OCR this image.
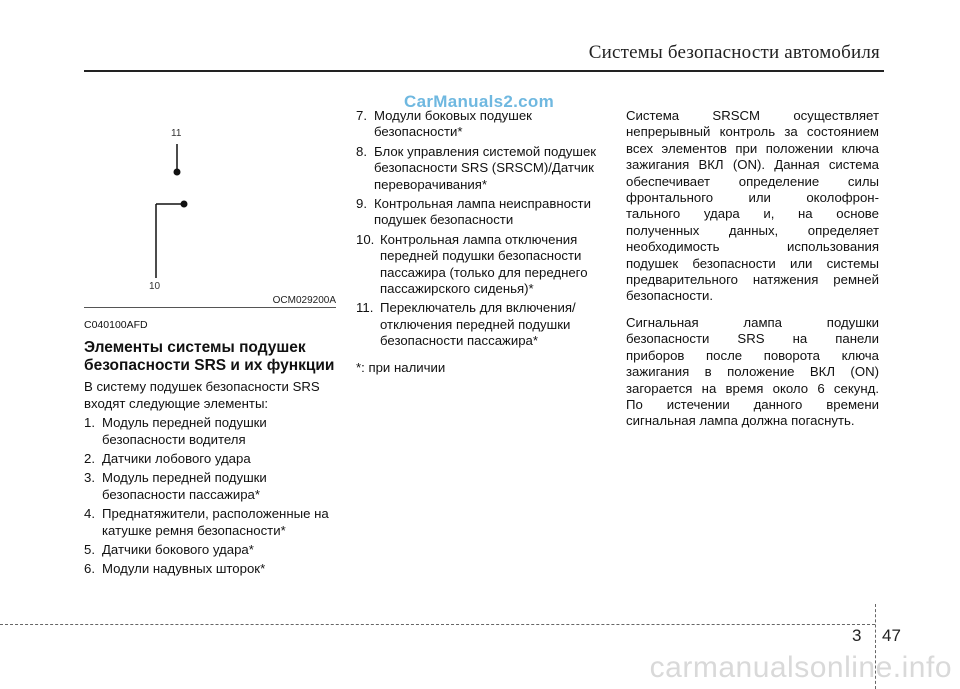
Системы безопасности автомобиля
CarManuals2.com
11
10
OCM029200A
C040100AFD
Элементы системы подушек безопасности SRS и их функции
В систему подушек безопасности SRS входят следующие элементы:
1. Модуль передней подушки безопасности водителя
2. Датчики лобового удара
3. Модуль передней подушки безопасности пассажира*
4. Преднатяжители, расположенные на катушке ремня безопасности*
5. Датчики бокового удара*
6. Модули надувных шторок*
7. Модули боковых подушек безопасности*
8. Блок управления системой подушек безопасности SRS (SRSCM)/Датчик переворачивания*
9. Контрольная лампа неисправности подушек безопасности
10. Контрольная лампа отключения передней подушки безопасности пассажира (только для переднего пассажирского сиденья)*
11. Переключатель для включения/отключения передней подушки безопасности пассажира*
*: при наличии
Система SRSCM осуществляет
непрерывный контроль за состоянием
всех элементов при положении ключа
зажигания ВКЛ (ON). Данная система
обеспечивает определение силы
фронтального или околофрон-
тального удара и, на основе
полученных данных, определяет
необходимость использования
подушек безопасности или системы
предварительного натяжения ремней
безопасности.
Сигнальная лампа подушки
безопасности SRS на панели
приборов после поворота ключа
зажигания в положение ВКЛ (ON)
загорается на время около 6 секунд.
По истечении данного времени
сигнальная лампа должна погаснуть.
3 47
carmanualsonline.info
